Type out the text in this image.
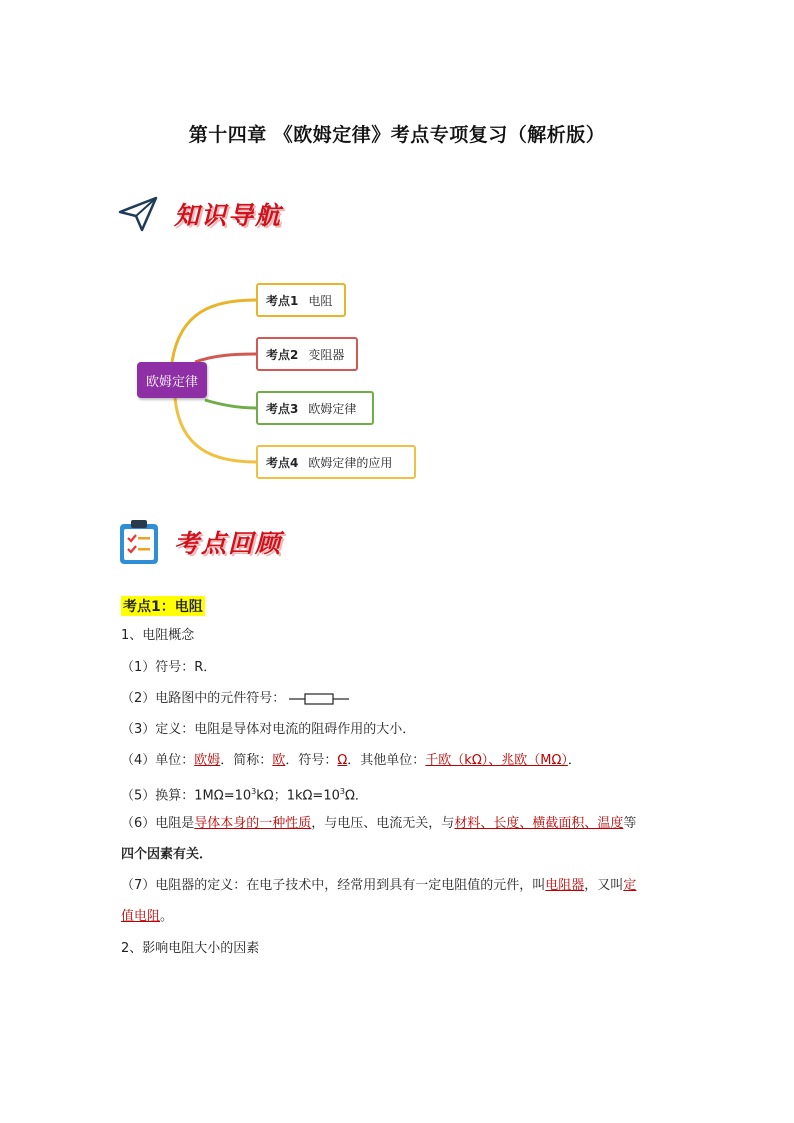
第十四章 《欧姆定律》考点专项复习（解析版）
知识导航
欧姆定律
考点1 电阻
考点2 变阻器
考点3 欧姆定律
考点4 欧姆定律的应用
考点回顾
考点1：电阻
1、电阻概念
（1）符号：R．
（2）电路图中的元件符号：
（3）定义：电阻是导体对电流的阻碍作用的大小．
（4）单位：欧姆．简称：欧．符号：Ω．其他单位：千欧（kΩ）、兆欧（MΩ）．
（5）换算：$1M\Omega=10^3k\Omega$；$1k\Omega=10^3\Omega$．
（6）电阻是导体本身的一种性质，与电压、电流无关，与材料、长度、横截面积、温度等
四个因素有关．
（7）电阻器的定义：在电子技术中，经常用到具有一定电阻值的元件，叫电阻器，又叫定
值电阻。
2、影响电阻大小的因素
